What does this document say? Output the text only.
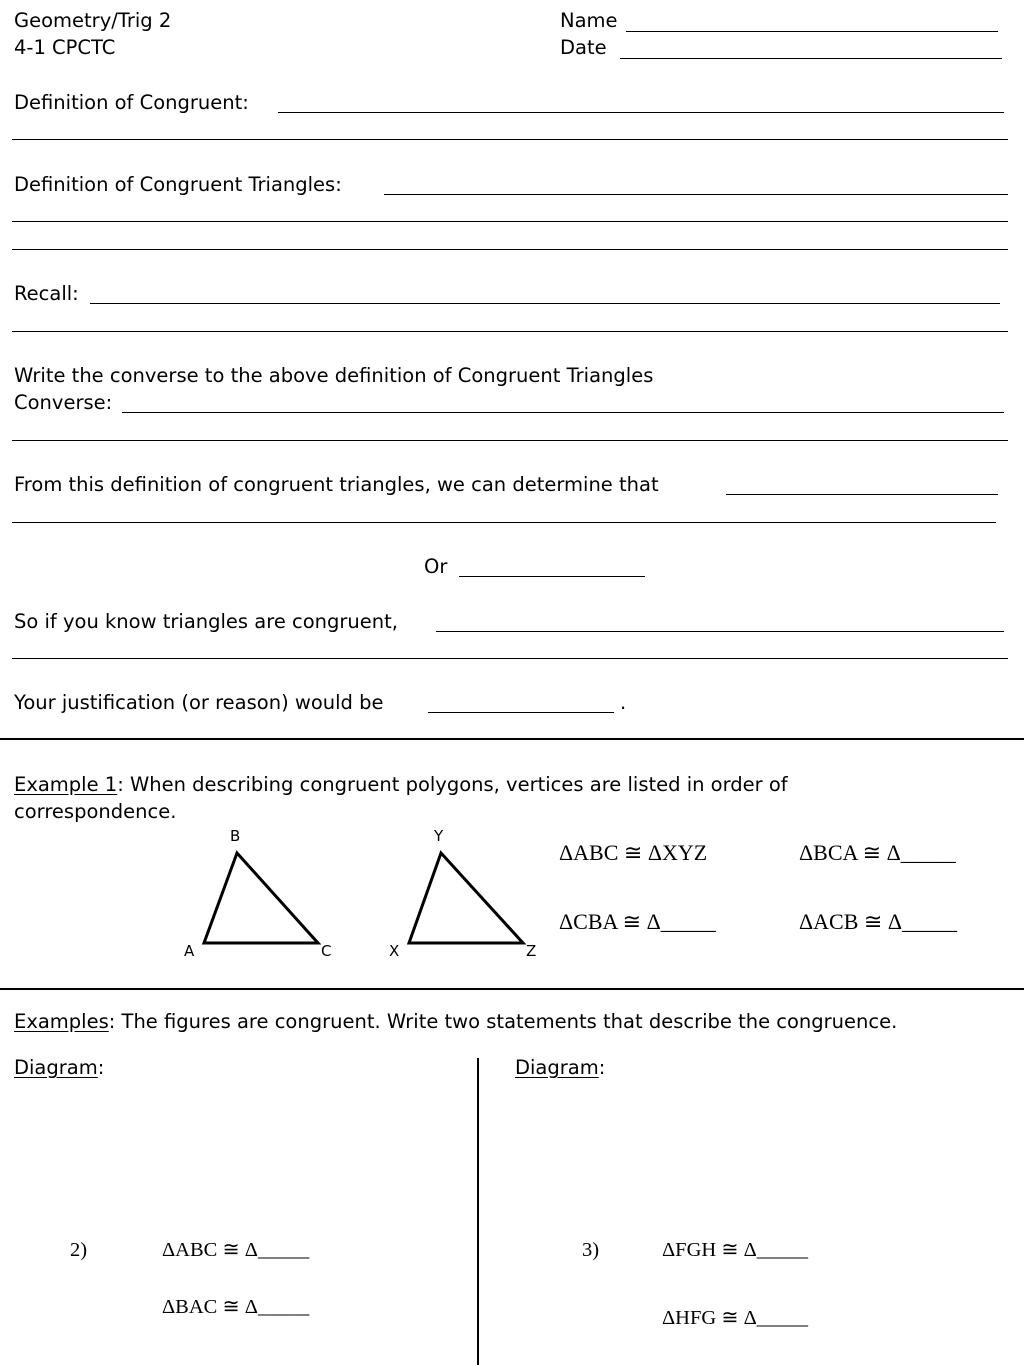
Geometry/Trig 2
4-1 CPCTC
Name
Date
Definition of Congruent:
Definition of Congruent Triangles:
Recall:
Write the converse to the above definition of Congruent Triangles
Converse:
From this definition of congruent triangles, we can determine that
Or
So if you know triangles are congruent,
Your justification (or reason) would be	.
Example 1: When describing congruent polygons, vertices are listed in order of
correspondence.
B
A	C
Y
X	Z
ΔABC ≅ ΔXYZ	ΔBCA ≅ Δ_____
ΔCBA ≅ Δ_____	ΔACB ≅ Δ_____
Examples: The figures are congruent. Write two statements that describe the congruence.
Diagram:
2)	ΔABC ≅ Δ_____
ΔBAC ≅ Δ_____
Diagram:
3)	ΔFGH ≅ Δ_____
ΔHFG ≅ Δ_____
